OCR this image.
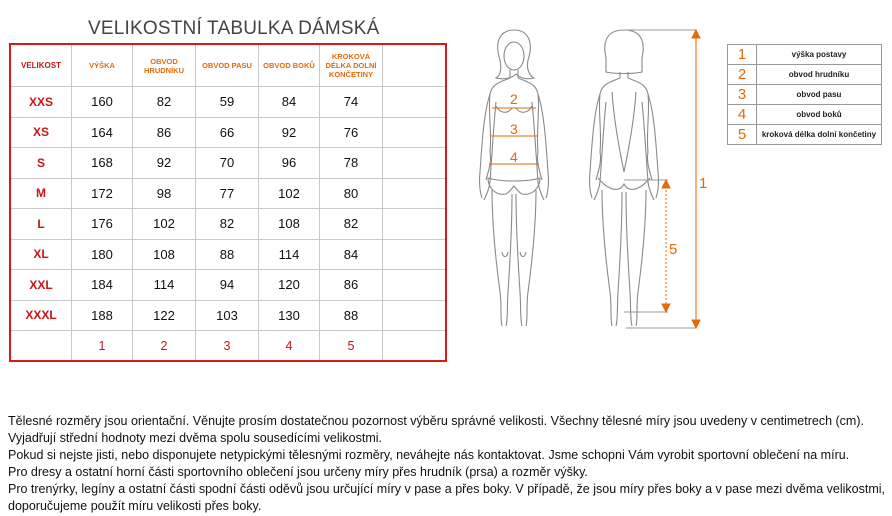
VELIKOSTNÍ TABULKA DÁMSKÁ
VELIKOST	VÝŠKA	OBVOD HRUDNÍKU	OBVOD PASU	OBVOD BOKŮ	KROKOVÁ DÉLKA DOLNÍ KONČETINY	
XXS	160	82	59	84	74	
XS	164	86	66	92	76	
S	168	92	70	96	78	
M	172	98	77	102	80	
L	176	102	82	108	82	
XL	180	108	88	114	84	
XXL	184	114	94	120	86	
XXXL	188	122	103	130	88	
	1	2	3	4	5	
2
3
4
1
5
1	výška postavy
2	obvod hrudníku
3	obvod pasu
4	obvod boků
5	kroková délka dolní končetiny
Tělesné rozměry jsou orientační. Věnujte prosím dostatečnou pozornost výběru správné velikosti. Všechny tělesné míry jsou uvedeny v centimetrech (cm).
Vyjadřují střední hodnoty mezi dvěma spolu sousedícími velikostmi.
Pokud si nejste jisti, nebo disponujete netypickými tělesnými rozměry, neváhejte nás kontaktovat. Jsme schopni Vám vyrobit sportovní oblečení na míru.
Pro dresy a ostatní horní části sportovního oblečení jsou určeny míry přes hrudník (prsa) a rozměr výšky.
Pro trenýrky, legíny a ostatní části spodní části oděvů jsou určující míry v pase a přes boky. V případě, že jsou míry přes boky a v pase mezi dvěma velikostmi,
doporučujeme použít míru velikosti přes boky.
